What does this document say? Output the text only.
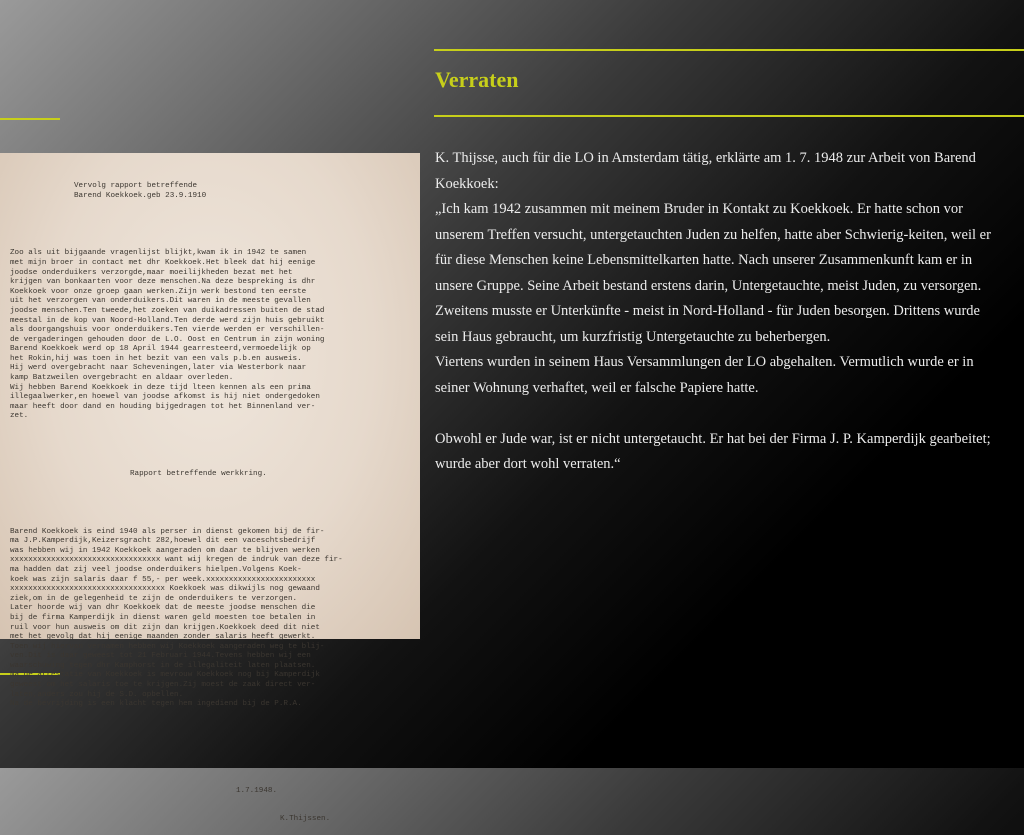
Verraten

Vervolg rapport betreffende
Barend Koekkoek.geb 23.9.1910

Zoo als uit bijgaande vragenlijst blijkt,kwam ik in 1942 te samen
met mijn broer in contact met dhr Koekkoek.Het bleek dat hij eenige
joodse onderduikers verzorgde,maar moeilijkheden bezat met het
krijgen van bonkaarten voor deze menschen.Na deze bespreking is dhr
Koekkoek voor onze groep gaan werken.Zijn werk bestond ten eerste
uit het verzorgen van onderduikers.Dit waren in de meeste gevallen
joodse menschen.Ten tweede,het zoeken van duikadressen buiten de stad
meestal in de kop van Noord-Holland.Ten derde werd zijn huis gebruikt
als doorgangshuis voor onderduikers.Ten vierde werden er verschillen-
de vergaderingen gehouden door de L.O. Oost en Centrum in zijn woning
Barend Koekkoek werd op 18 April 1944 gearresteerd,vermoedelijk op
het Rokin,hij was toen in het bezit van een vals p.b.en ausweis.
Hij werd overgebracht naar Scheveningen,later via Westerbork naar
kamp Batzweilen overgebracht en aldaar overleden.
Wij hebben Barend Koekkoek in deze tijd lteen kennen als een prima
illegaalwerker,en hoewel van joodse afkomst is hij niet ondergedoken
maar heeft door dand en houding bijgedragen tot het Binnenland ver-
zet.

Rapport betreffende werkkring.

Barend Koekkoek is eind 1940 als perser in dienst gekomen bij de fir-
ma J.P.Kamperdijk,Keizersgracht 282,hoewel dit een vaceschtsbedrijf
was hebben wij in 1942 Koekkoek aangeraden om daar te blijven werken
xxxxxxxxxxxxxxxxxxxxxxxxxxxxxxxxx want wij kregen de indruk van deze fir-
ma hadden dat zij veel joodse onderduikers hielpen.Volgens Koek-
koek was zijn salaris daar f 55,- per week.xxxxxxxxxxxxxxxxxxxxxxxx
xxxxxxxxxxxxxxxxxxxxxxxxxxxxxxxxxx Koekkoek was dikwijls nog gewaand
ziek,om in de gelegenheid te zijn de onderduikers te verzorgen.
Later hoorde wij van dhr Koekkoek dat de meeste joodse menschen die
bij de firma Kamperdijk in dienst waren geld moesten toe betalen in
ruil voor hun ausweis om dit zijn dan krijgen.Koekkoek deed dit niet
met het gevolg dat hij eenige maanden zonder salaris heeft gewerkt.
Toen wij hiervan vernamen hebben wij Koekkoek aangeraden weg te blij-
ven.Dit is daar geweest tot 21 Februari 1944.Tevens hebben wij een
waarschuwing tegen dhr Kamphorst in de illegaliteit laten plaatsen.
Na de arrestatie van Koekkoek is mevrouw Koekkoek nog bij Kamperdijk
geweest om het salaris toe te krijgen.Zij moest de zaak direct ver-
laten,anders zou hij de S.D. opbellen.
Na de bevrijding is een klacht tegen hem ingediend bij de P.R.A.

1.7.1948.

K.Thijssen.

K. Thijsse, auch für die LO in Amsterdam tätig, erklärte am 1. 7. 1948 zur Arbeit von Barend Koekkoek:

„Ich kam 1942 zusammen mit meinem Bruder in Kontakt zu Koekkoek. Er hatte schon vor unserem Treffen versucht, untergetauchten Juden zu helfen, hatte aber Schwierig-keiten, weil er für diese Menschen keine Lebensmittelkarten hatte. Nach unserer Zusammenkunft kam er in unsere Gruppe. Seine Arbeit bestand erstens darin, Untergetauchte, meist Juden, zu versorgen.

Zweitens musste er Unterkünfte - meist in Nord-Holland - für Juden besorgen. Drittens wurde sein Haus gebraucht, um kurzfristig Untergetauchte zu beherbergen.

Viertens wurden in seinem Haus Versammlungen der LO abgehalten. Vermutlich wurde er in seiner Wohnung verhaftet, weil er falsche Papiere hatte.

Obwohl er Jude war, ist er nicht untergetaucht. Er hat bei der Firma J. P. Kamperdijk gearbeitet; wurde aber dort wohl verraten.“
